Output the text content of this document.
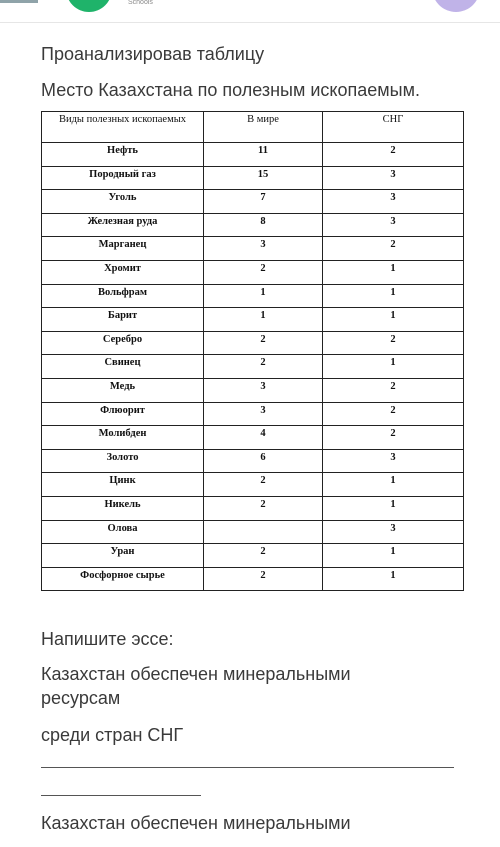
Schools
Проанализировав таблицу
Место Казахстана по полезным ископаемым.
Виды полезных ископаемых	В мире	СНГ
Нефть	11	2
Породный газ	15	3
Уголь	7	3
Железная руда	8	3
Марганец	3	2
Хромит	2	1
Вольфрам	1	1
Барит	1	1
Серебро	2	2
Свинец	2	1
Медь	3	2
Флюорит	3	2
Молибден	4	2
Золото	6	3
Цинк	2	1
Никель	2	1
Олова		3
Уран	2	1
Фосфорное сырье	2	1
Напишите эссе:
Казахстан обеспечен минеральными
ресурсам
среди стран СНГ
Казахстан обеспечен минеральными
